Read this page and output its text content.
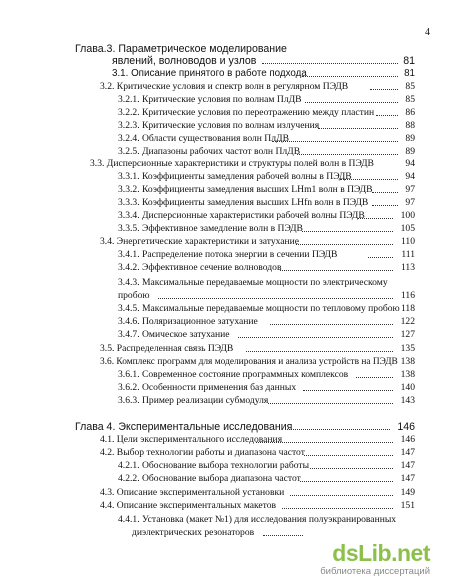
4
Глава.3. Параметрическое моделирование
явлений, волноводов и узлов	81
3.1. Описание принятого в работе подхода	81
3.2. Критические условия и спектр волн в регулярном ПЭДВ	85
3.2.1. Критические условия по волнам ПлДВ	85
3.2.2. Критические условия по переотражению между пластин	86
3.2.3. Критические условия по волнам излучения	88
3.2.4. Области существования волн ПлДВ	89
3.2.5. Диапазоны рабочих частот волн ПлДВ	89
3.3. Дисперсионные характеристики и структуры полей волн в ПЭДВ	94
3.3.1. Коэффициенты замедления рабочей волны в ПЭДВ	94
3.3.2. Коэффициенты замедления высших LHm1 волн в ПЭДВ	97
3.3.3. Коэффициенты замедления высших LHfn волн в ПЭДВ	97
3.3.4. Дисперсионные характеристики рабочей волны ПЭДВ	100
3.3.5. Эффективное замедление волн в ПЭДВ	105
3.4. Энергетические характеристики и затухание	110
3.4.1. Распределение потока энергии в сечении ПЭДВ	111
3.4.2. Эффективное сечение волноводов	113
3.4.3. Максимальные передаваемые мощности по электрическому
пробою	116
3.4.5. Максимальные передаваемые мощности по тепловому пробою 118
3.4.6. Поляризационное затухание	122
3.4.7. Омическое затухание	127
3.5. Распределенная связь ПЭДВ	135
3.6. Комплекс программ для моделирования и анализа устройств на ПЭДВ 138
3.6.1. Современное состояние программных комплексов	138
3.6.2. Особенности применения баз данных	140
3.6.3. Пример реализации субмодуля	143
Глава 4. Экспериментальные исследования	146
4.1. Цели экспериментального исследования	146
4.2. Выбор технологии работы и диапазона частот	147
4.2.1. Обоснование выбора технологии работы	147
4.2.2. Обоснование выбора диапазона частот	147
4.3. Описание экспериментальной установки	149
4.4. Описание экспериментальных макетов	151
4.4.1. Установка (макет №1) для исследования полуэкранированных
диэлектрических резонаторов
dsLib.net
библиотека диссертаций
